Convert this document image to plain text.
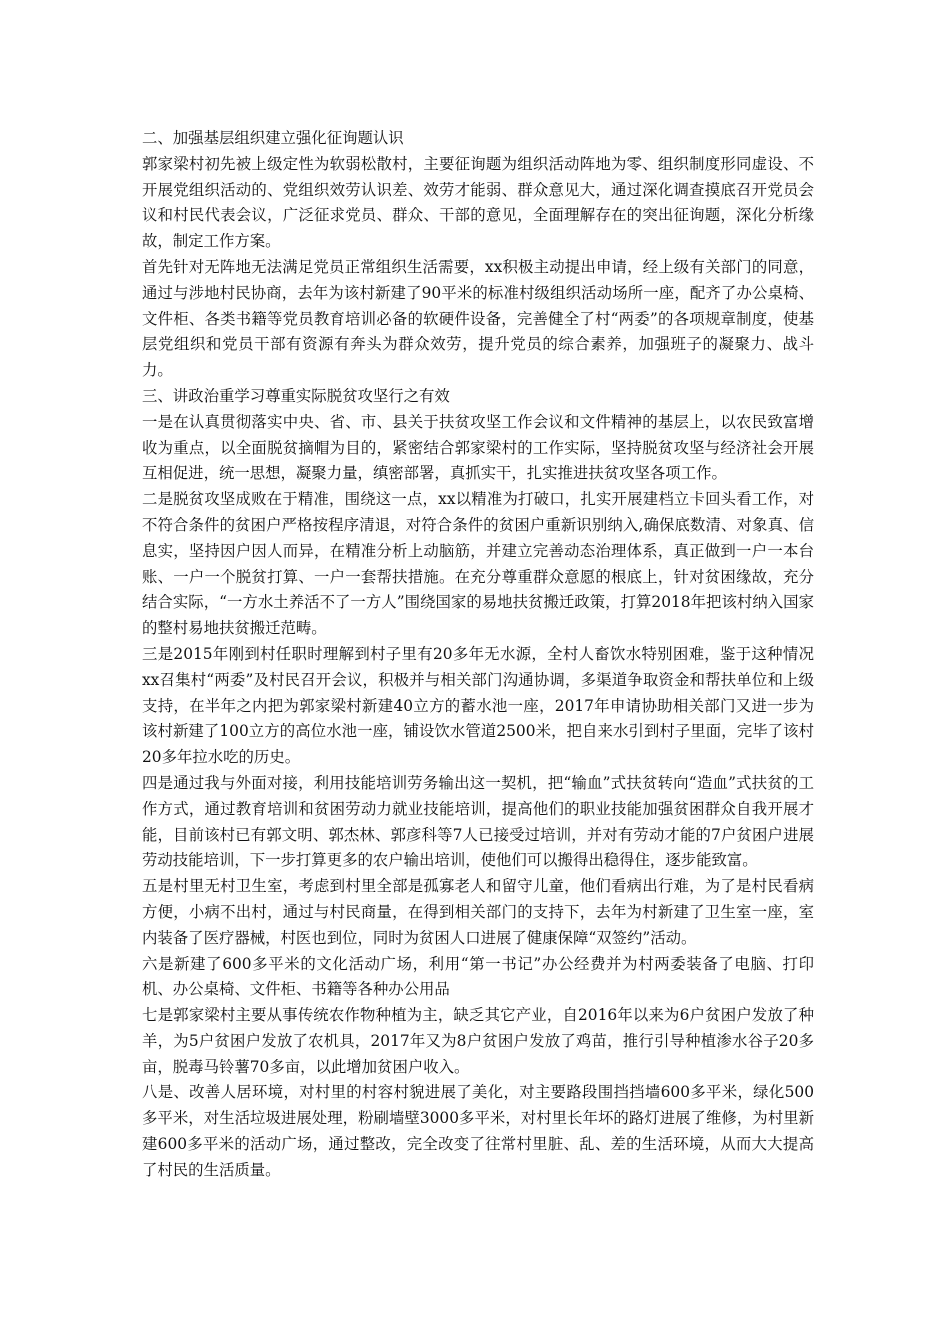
二、加强基层组织建立强化征询题认识

郭家梁村初先被上级定性为软弱松散村，主要征询题为组织活动阵地为零、组织制度形同虚设、不开展党组织活动的、党组织效劳认识差、效劳才能弱、群众意见大，通过深化调查摸底召开党员会议和村民代表会议，广泛征求党员、群众、干部的意见，全面理解存在的突出征询题，深化分析缘故，制定工作方案。

首先针对无阵地无法满足党员正常组织生活需要，xx积极主动提出申请，经上级有关部门的同意，通过与涉地村民协商，去年为该村新建了90平米的标准村级组织活动场所一座，配齐了办公桌椅、文件柜、各类书籍等党员教育培训必备的软硬件设备，完善健全了村“两委”的各项规章制度，使基层党组织和党员干部有资源有奔头为群众效劳，提升党员的综合素养，加强班子的凝聚力、战斗力。

三、讲政治重学习尊重实际脱贫攻坚行之有效

一是在认真贯彻落实中央、省、市、县关于扶贫攻坚工作会议和文件精神的基层上，以农民致富增收为重点，以全面脱贫摘帽为目的，紧密结合郭家梁村的工作实际，坚持脱贫攻坚与经济社会开展互相促进，统一思想，凝聚力量，缜密部署，真抓实干，扎实推进扶贫攻坚各项工作。

二是脱贫攻坚成败在于精准，围绕这一点，xx以精准为打破口，扎实开展建档立卡回头看工作，对不符合条件的贫困户严格按程序清退，对符合条件的贫困户重新识别纳入,确保底数清、对象真、信息实，坚持因户因人而异，在精准分析上动脑筋，并建立完善动态治理体系，真正做到一户一本台账、一户一个脱贫打算、一户一套帮扶措施。在充分尊重群众意愿的根底上，针对贫困缘故，充分结合实际，“一方水土养活不了一方人”围绕国家的易地扶贫搬迁政策，打算2018年把该村纳入国家的整村易地扶贫搬迁范畴。

三是2015年刚到村任职时理解到村子里有20多年无水源，全村人畜饮水特别困难，鉴于这种情况xx召集村“两委”及村民召开会议，积极并与相关部门沟通协调，多渠道争取资金和帮扶单位和上级支持，在半年之内把为郭家梁村新建40立方的蓄水池一座，2017年申请协助相关部门又进一步为该村新建了100立方的高位水池一座，铺设饮水管道2500米，把自来水引到村子里面，完毕了该村20多年拉水吃的历史。

四是通过我与外面对接，利用技能培训劳务输出这一契机，把“输血”式扶贫转向“造血”式扶贫的工作方式，通过教育培训和贫困劳动力就业技能培训，提高他们的职业技能加强贫困群众自我开展才能，目前该村已有郭文明、郭杰林、郭彦科等7人已接受过培训，并对有劳动才能的7户贫困户进展劳动技能培训，下一步打算更多的农户输出培训，使他们可以搬得出稳得住，逐步能致富。

五是村里无村卫生室，考虑到村里全部是孤寡老人和留守儿童，他们看病出行难，为了是村民看病方便，小病不出村，通过与村民商量，在得到相关部门的支持下，去年为村新建了卫生室一座，室内装备了医疗器械，村医也到位，同时为贫困人口进展了健康保障“双签约”活动。

六是新建了600多平米的文化活动广场，利用“第一书记”办公经费并为村两委装备了电脑、打印机、办公桌椅、文件柜、书籍等各种办公用品

七是郭家梁村主要从事传统农作物种植为主，缺乏其它产业，自2016年以来为6户贫困户发放了种羊，为5户贫困户发放了农机具，2017年又为8户贫困户发放了鸡苗，推行引导种植渗水谷子20多亩，脱毒马铃薯70多亩，以此增加贫困户收入。

八是、改善人居环境，对村里的村容村貌进展了美化，对主要路段围挡挡墙600多平米，绿化500多平米，对生活垃圾进展处理，粉刷墙壁3000多平米，对村里长年坏的路灯进展了维修，为村里新建600多平米的活动广场，通过整改，完全改变了往常村里脏、乱、差的生活环境，从而大大提高了村民的生活质量。
